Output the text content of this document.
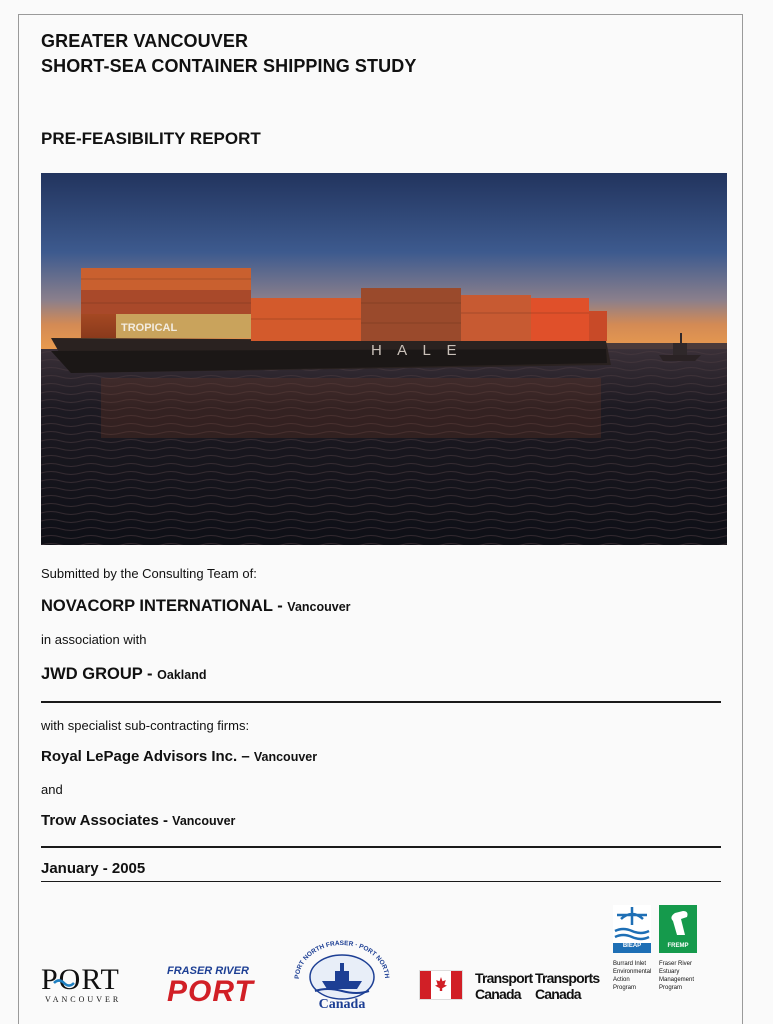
GREATER VANCOUVER
SHORT-SEA CONTAINER SHIPPING STUDY
PRE-FEASIBILITY REPORT
TROPICAL
H A L E
Submitted by the Consulting Team of:
NOVACORP INTERNATIONAL - Vancouver
in association with
JWD GROUP - Oakland
with specialist sub-contracting firms:
Royal LePage Advisors Inc. – Vancouver
and
Trow Associates - Vancouver
January - 2005
PORT
VANCOUVER
FRASER RIVER
PORT	PORT NORTH FRASER · PORT NORTH
Canada
Transport
Canada
Transports
Canada
BIEAP
Burrard Inlet
Environmental
Action
Program
FREMP
Fraser River
Estuary
Management
Program
